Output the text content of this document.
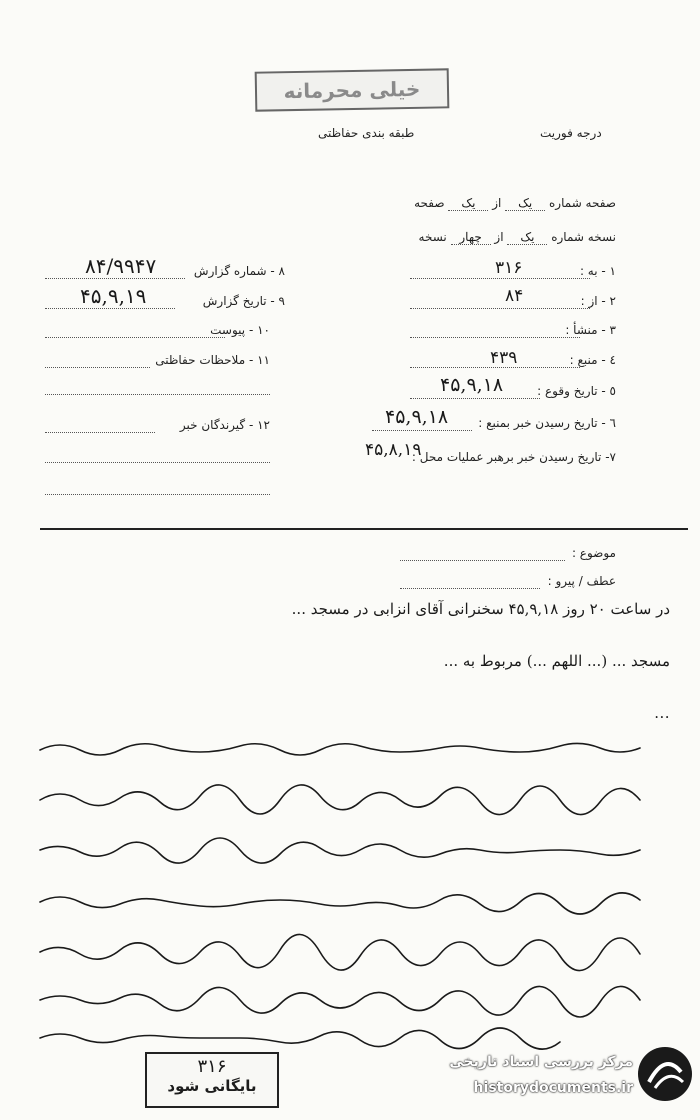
خیلی محرمانه
طبقه بندی حفاظتی	درجه فوریت
صفحه شماره یک از یک صفحه
نسخه شماره یک از چهار نسخه
۸ - شماره گزارش
۸۴/۹۹۴۷
۹ - تاریخ گزارش
۴۵,۹,۱۹
۱۰ - پیوست
۱۱ - ملاحظات حفاظتی
۱۲ - گیرندگان خبر
۱ - به :
۳۱۶
۲ - از :
۸۴
۳ - منشأ :
٤ - منبع :
۴۳۹
٥ - تاریخ وقوع :
۴۵,۹,۱۸
٦ - تاریخ رسیدن خبر بمنبع :
۴۵,۹,۱۸
۷- تاریخ رسیدن خبر برهبر عملیات محل :
۴۵,۸,۱۹
موضوع :
عطف / پیرو :
در ساعت ۲۰ روز ۴۵,۹,۱۸ سخنرانی آقای انزابی در مسجد ...
مسجد ... (... اللهم ...) مربوط به ...
...
۳۱۶
بایگانی شود
مرکز بررسی اسناد تاریخی
historydocuments.ir
